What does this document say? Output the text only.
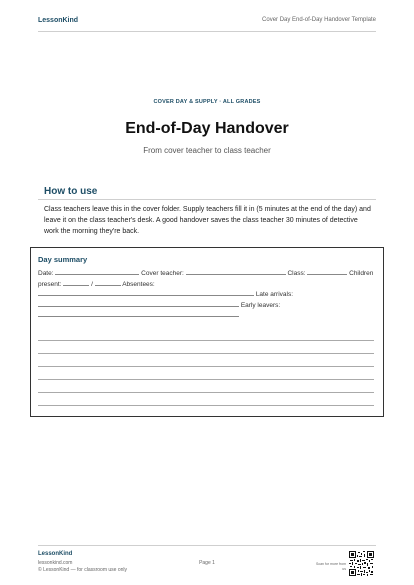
LessonKind	Cover Day End-of-Day Handover Template
COVER DAY & SUPPLY · ALL GRADES
End-of-Day Handover
From cover teacher to class teacher
How to use
Class teachers leave this in the cover folder. Supply teachers fill it in (5 minutes at the end of the day) and leave it on the class teacher's desk. A good handover saves the class teacher 30 minutes of detective work the morning they're back.
Day summary
Date:	Cover teacher:	Class:	Children
present:	/	Absentees:
Late arrivals:
Early leavers:
LessonKind
lessonkind.com
© LessonKind — for classroom use only
Page 1	Scan for more from us
